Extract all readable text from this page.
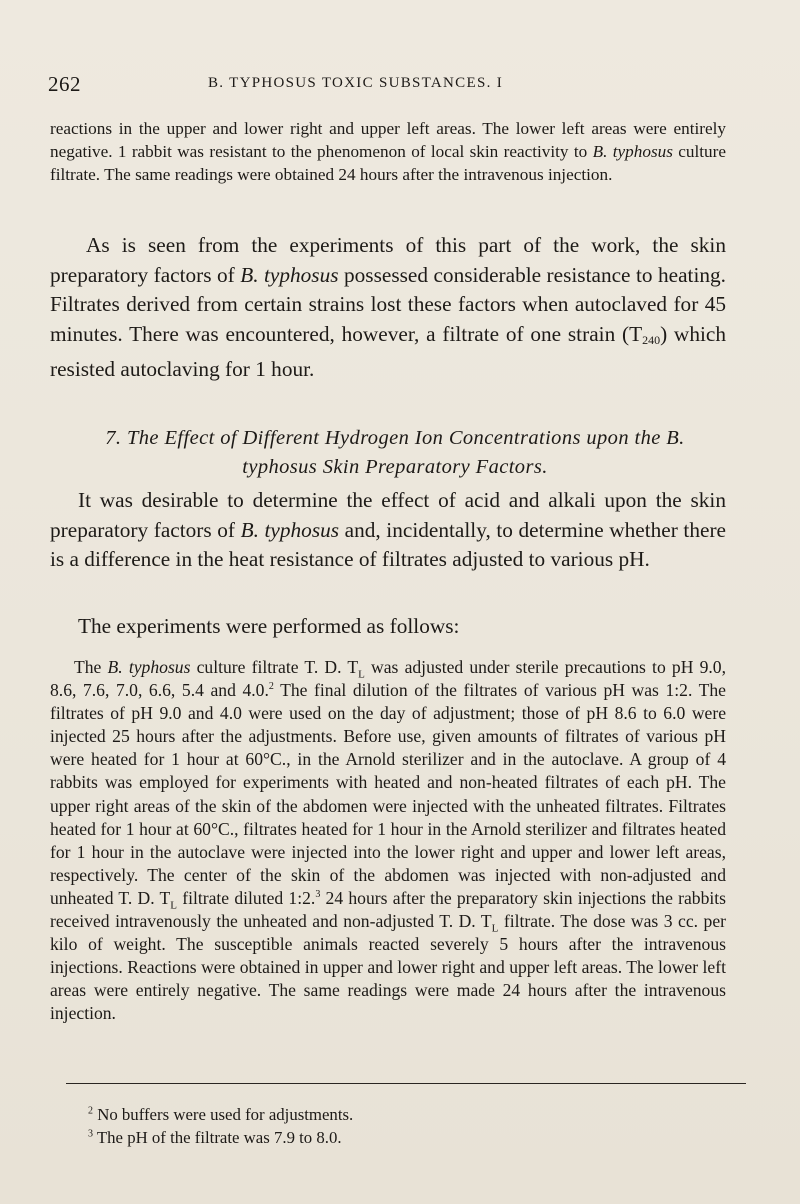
262	B. TYPHOSUS TOXIC SUBSTANCES. I

reactions in the upper and lower right and upper left areas. The lower left areas were entirely negative. 1 rabbit was resistant to the phenomenon of local skin reactivity to B. typhosus culture filtrate. The same readings were obtained 24 hours after the intravenous injection.

As is seen from the experiments of this part of the work, the skin preparatory factors of B. typhosus possessed considerable resistance to heating. Filtrates derived from certain strains lost these factors when autoclaved for 45 minutes. There was encountered, however, a filtrate of one strain (T240) which resisted autoclaving for 1 hour.

7. The Effect of Different Hydrogen Ion Concentrations upon the B.
typhosus Skin Preparatory Factors.

It was desirable to determine the effect of acid and alkali upon the skin preparatory factors of B. typhosus and, incidentally, to determine whether there is a difference in the heat resistance of filtrates adjusted to various pH.

The experiments were performed as follows:

The B. typhosus culture filtrate T. D. $T_L$ was adjusted under sterile precautions to pH 9.0, 8.6, 7.6, 7.0, 6.6, 5.4 and 4.0.$^2$ The final dilution of the filtrates of various pH was 1:2. The filtrates of pH 9.0 and 4.0 were used on the day of adjustment; those of pH 8.6 to 6.0 were injected 25 hours after the adjustments. Before use, given amounts of filtrates of various pH were heated for 1 hour at 60°C., in the Arnold sterilizer and in the autoclave. A group of 4 rabbits was employed for experiments with heated and non-heated filtrates of each pH. The upper right areas of the skin of the abdomen were injected with the unheated filtrates. Filtrates heated for 1 hour at 60°C., filtrates heated for 1 hour in the Arnold sterilizer and filtrates heated for 1 hour in the autoclave were injected into the lower right and upper and lower left areas, respectively. The center of the skin of the abdomen was injected with non-adjusted and unheated T. D. $T_L$ filtrate diluted 1:2.$^3$ 24 hours after the preparatory skin injections the rabbits received intravenously the unheated and non-adjusted T. D. $T_L$ filtrate. The dose was 3 cc. per kilo of weight. The susceptible animals reacted severely 5 hours after the intravenous injections. Reactions were obtained in upper and lower right and upper left areas. The lower left areas were entirely negative. The same readings were made 24 hours after the intravenous injection.

$^2$ No buffers were used for adjustments.
$^3$ The pH of the filtrate was 7.9 to 8.0.
